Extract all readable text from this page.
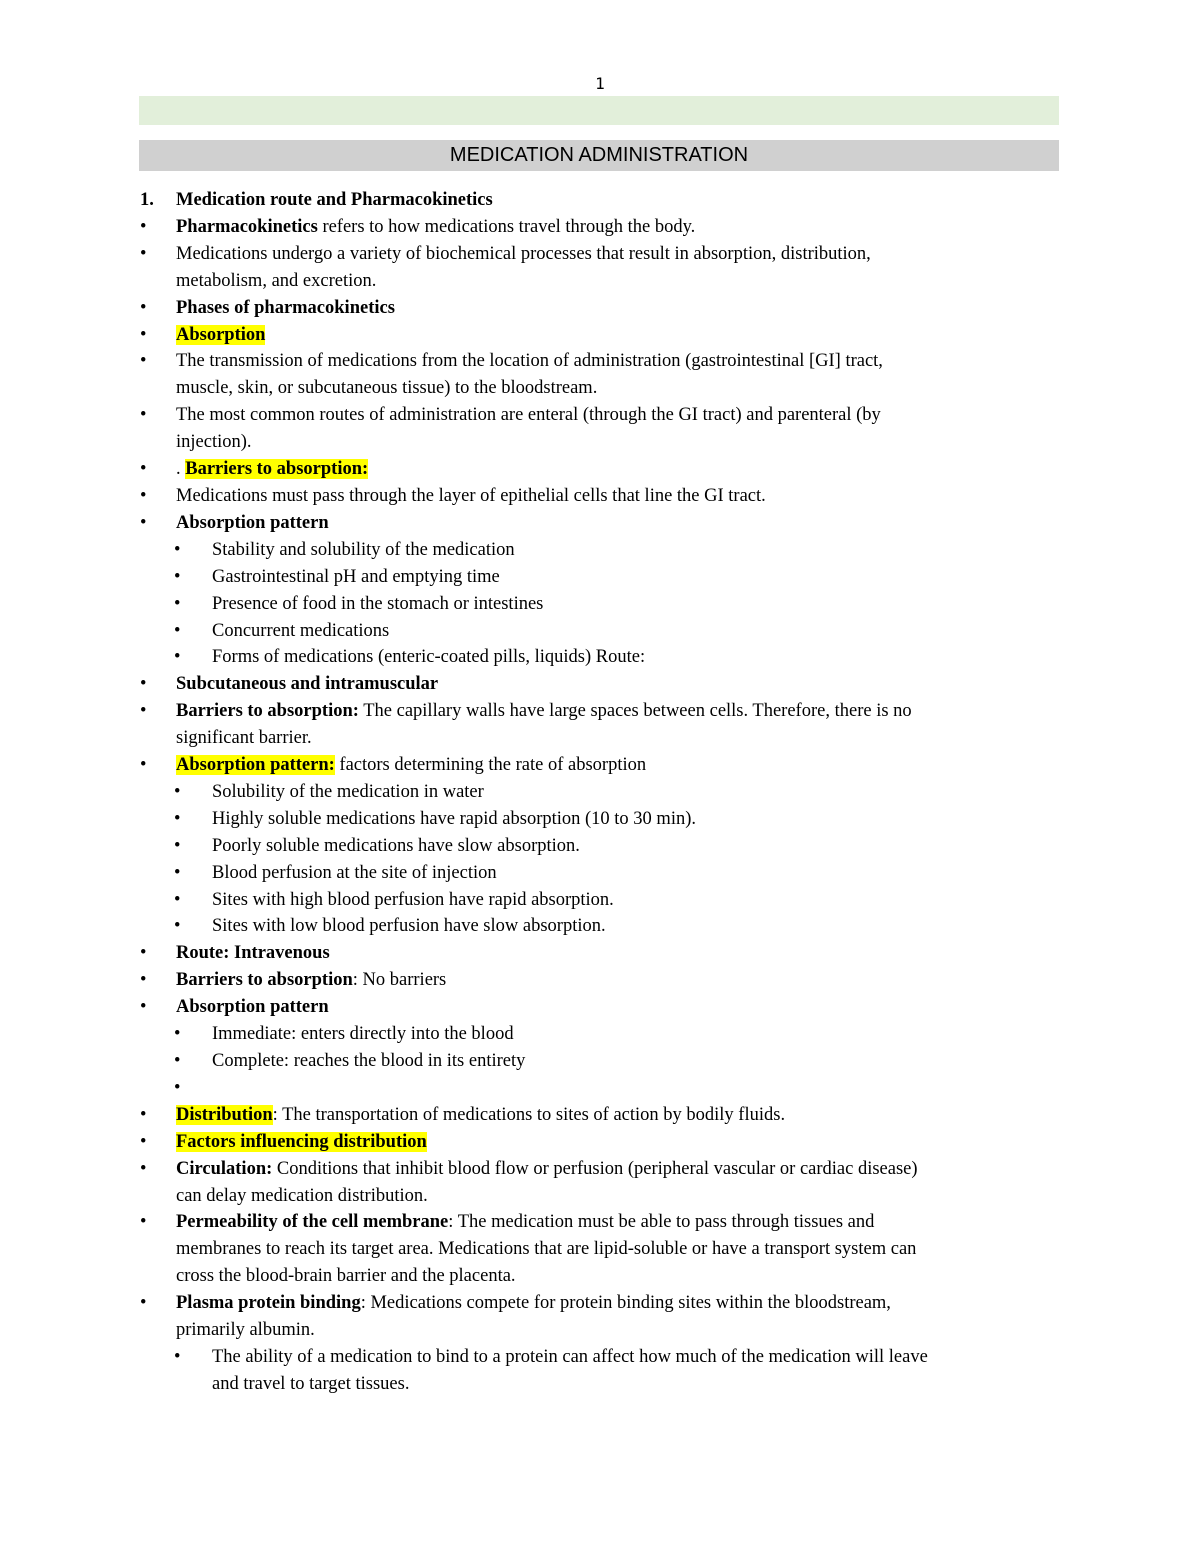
1
MEDICATION ADMINISTRATION
1.	Medication route and Pharmacokinetics
•	Pharmacokinetics refers to how medications travel through the body.
•	Medications undergo a variety of biochemical processes that result in absorption, distribution,
metabolism, and excretion.
•	Phases of pharmacokinetics
•	Absorption
•	The transmission of medications from the location of administration (gastrointestinal [GI] tract,
muscle, skin, or subcutaneous tissue) to the bloodstream.
•	The most common routes of administration are enteral (through the GI tract) and parenteral (by
injection).
•	. Barriers to absorption:
•	Medications must pass through the layer of epithelial cells that line the GI tract.
•	Absorption pattern
•	Stability and solubility of the medication
•	Gastrointestinal pH and emptying time
•	Presence of food in the stomach or intestines
•	Concurrent medications
•	Forms of medications (enteric-coated pills, liquids) Route:
•	Subcutaneous and intramuscular
•	Barriers to absorption: The capillary walls have large spaces between cells. Therefore, there is no
significant barrier.
•	Absorption pattern: factors determining the rate of absorption
•	Solubility of the medication in water
•	Highly soluble medications have rapid absorption (10 to 30 min).
•	Poorly soluble medications have slow absorption.
•	Blood perfusion at the site of injection
•	Sites with high blood perfusion have rapid absorption.
•	Sites with low blood perfusion have slow absorption.
•	Route: Intravenous
•	Barriers to absorption: No barriers
•	Absorption pattern
•	Immediate: enters directly into the blood
•	Complete: reaches the blood in its entirety
•

•	Distribution: The transportation of medications to sites of action by bodily fluids.
•	Factors influencing distribution
•	Circulation: Conditions that inhibit blood flow or perfusion (peripheral vascular or cardiac disease)
can delay medication distribution.
•	Permeability of the cell membrane: The medication must be able to pass through tissues and
membranes to reach its target area. Medications that are lipid-soluble or have a transport system can
cross the blood-brain barrier and the placenta.
•	Plasma protein binding: Medications compete for protein binding sites within the bloodstream,
primarily albumin.
•	The ability of a medication to bind to a protein can affect how much of the medication will leave
and travel to target tissues.
